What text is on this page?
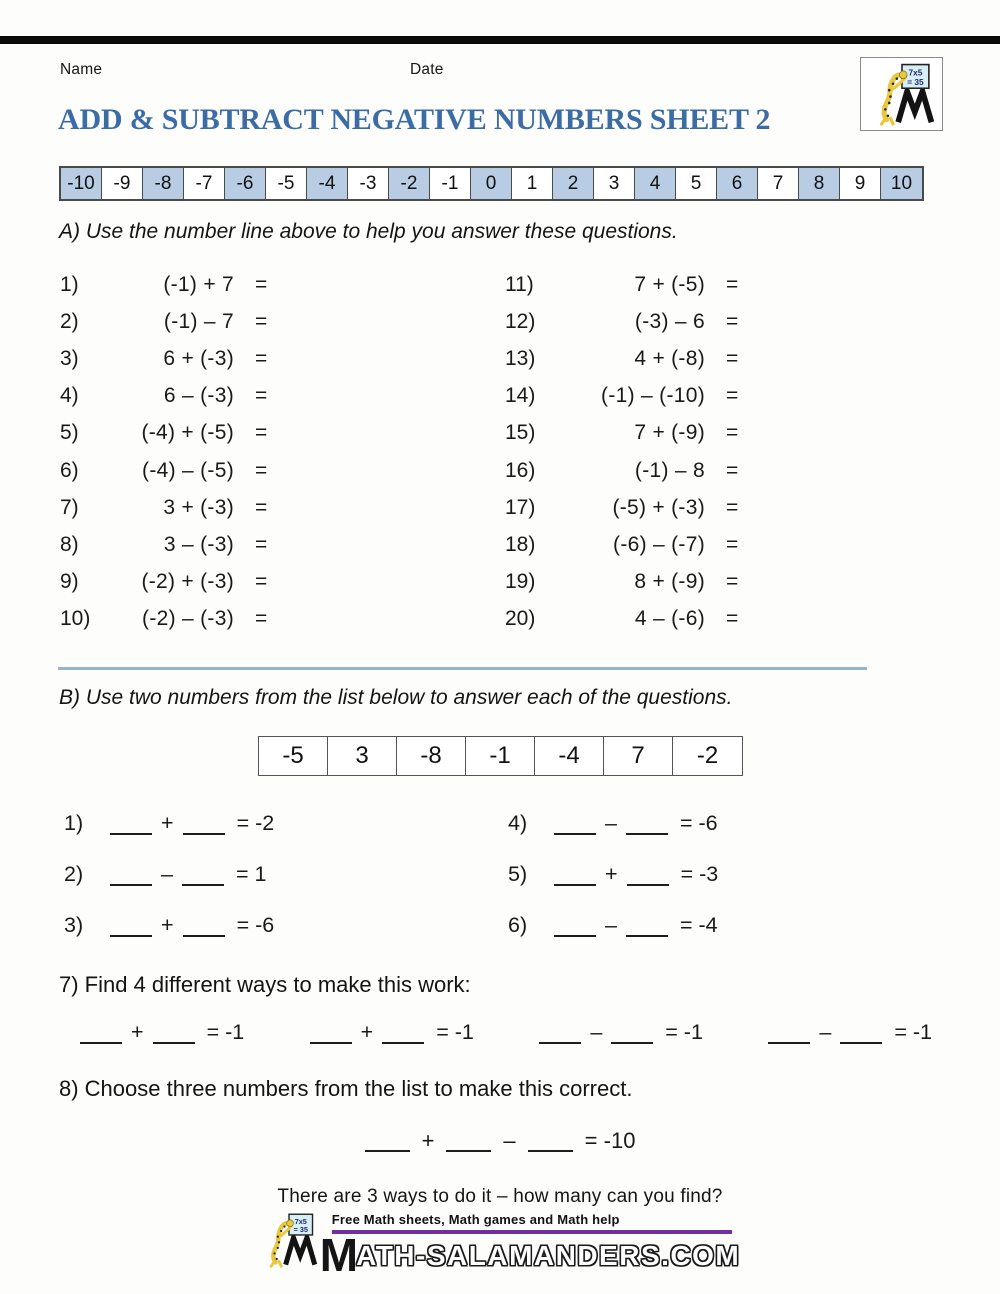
Name	Date
ADD & SUBTRACT NEGATIVE NUMBERS SHEET 2
-10 -9	-8	-7	-6	-5	-4	-3	-2	-1	0	1	2	3	4	5	6	7	8	9	10
A) Use the number line above to help you answer these questions.
1)	(-1) + 7 =
2)	(-1) – 7 =
3)	6 + (-3) =
4)	6 – (-3) =
5)	(-4) + (-5) =
6)	(-4) – (-5) =
7)	3 + (-3) =
8)	3 – (-3) =
9)	(-2) + (-3) =
10)	(-2) – (-3) =
11)	7 + (-5) =
12)	(-3) – 6 =
13)	4 + (-8) =
14)	(-1) – (-10) =
15)	7 + (-9) =
16)	(-1) – 8 =
17)	(-5) + (-3) =
18)	(-6) – (-7) =
19)	8 + (-9) =
20)	4 – (-6) =
B) Use two numbers from the list below to answer each of the questions.
-5	3	-8	-1	-4	7	-2
1)	+	= -2
2)	–	= 1
3)	+	= -6
4)	–	= -6
5)	+	= -3
6)	–	= -4
7) Find 4 different ways to make this work:
+	= -1	+	= -1	–	= -1	–	= -1
8) Choose three numbers from the list to make this correct.
+	–	= -10
There are 3 ways to do it – how many can you find?
Free Math sheets, Math games and Math help
MATH-SALAMANDERS.COM
